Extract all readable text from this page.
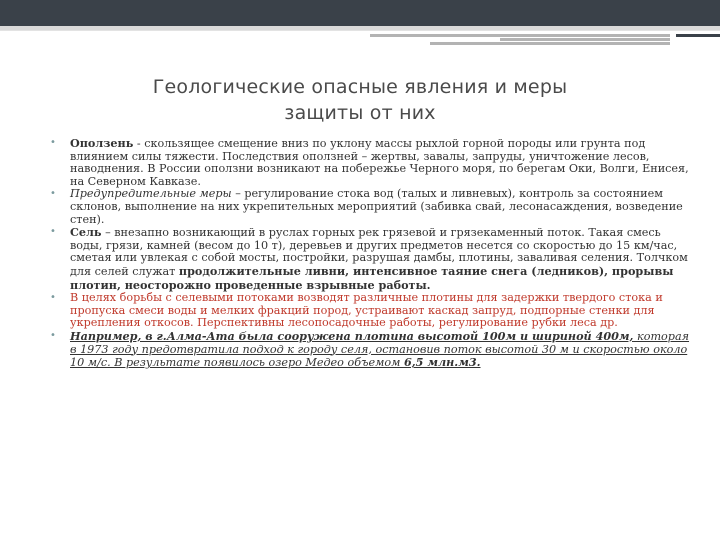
Геологические опасные явления и меры
защиты от них
• Оползень - скользящее смещение вниз по уклону массы рыхлой горной породы или грунта под влиянием силы тяжести. Последствия оползней – жертвы, завалы, запруды, уничтожение лесов, наводнения. В России оползни возникают на побережье Черного моря, по берегам Оки, Волги, Енисея, на Северном Кавказе.
• Предупредительные меры – регулирование стока вод (талых и ливневых), контроль за состоянием склонов, выполнение на них укрепительных мероприятий (забивка свай, лесонасаждения, возведение стен).
• Сель – внезапно возникающий в руслах горных рек грязевой и грязекаменный поток. Такая смесь воды, грязи, камней (весом до 10 т), деревьев и других предметов несется со скоростью до 15 км/час, сметая или увлекая с собой мосты, постройки, разрушая дамбы, плотины, заваливая селения. Толчком для селей служат продолжительные ливни, интенсивное таяние снега (ледников), прорывы плотин, неосторожно проведенные взрывные работы.
• В целях борьбы с селевыми потоками возводят различные плотины для задержки твердого стока и пропуска смеси воды и мелких фракций пород, устраивают каскад запруд, подпорные стенки для укрепления откосов. Перспективны лесопосадочные работы, регулирование рубки леса др.
• Например, в г.Алма-Ата была сооружена плотина высотой 100м и шириной 400м, которая в 1973 году предотвратила подход к городу селя, остановив поток высотой 30 м и скоростью около 10 м/с. В результате появилось озеро Медео объемом 6,5 млн.м3.
